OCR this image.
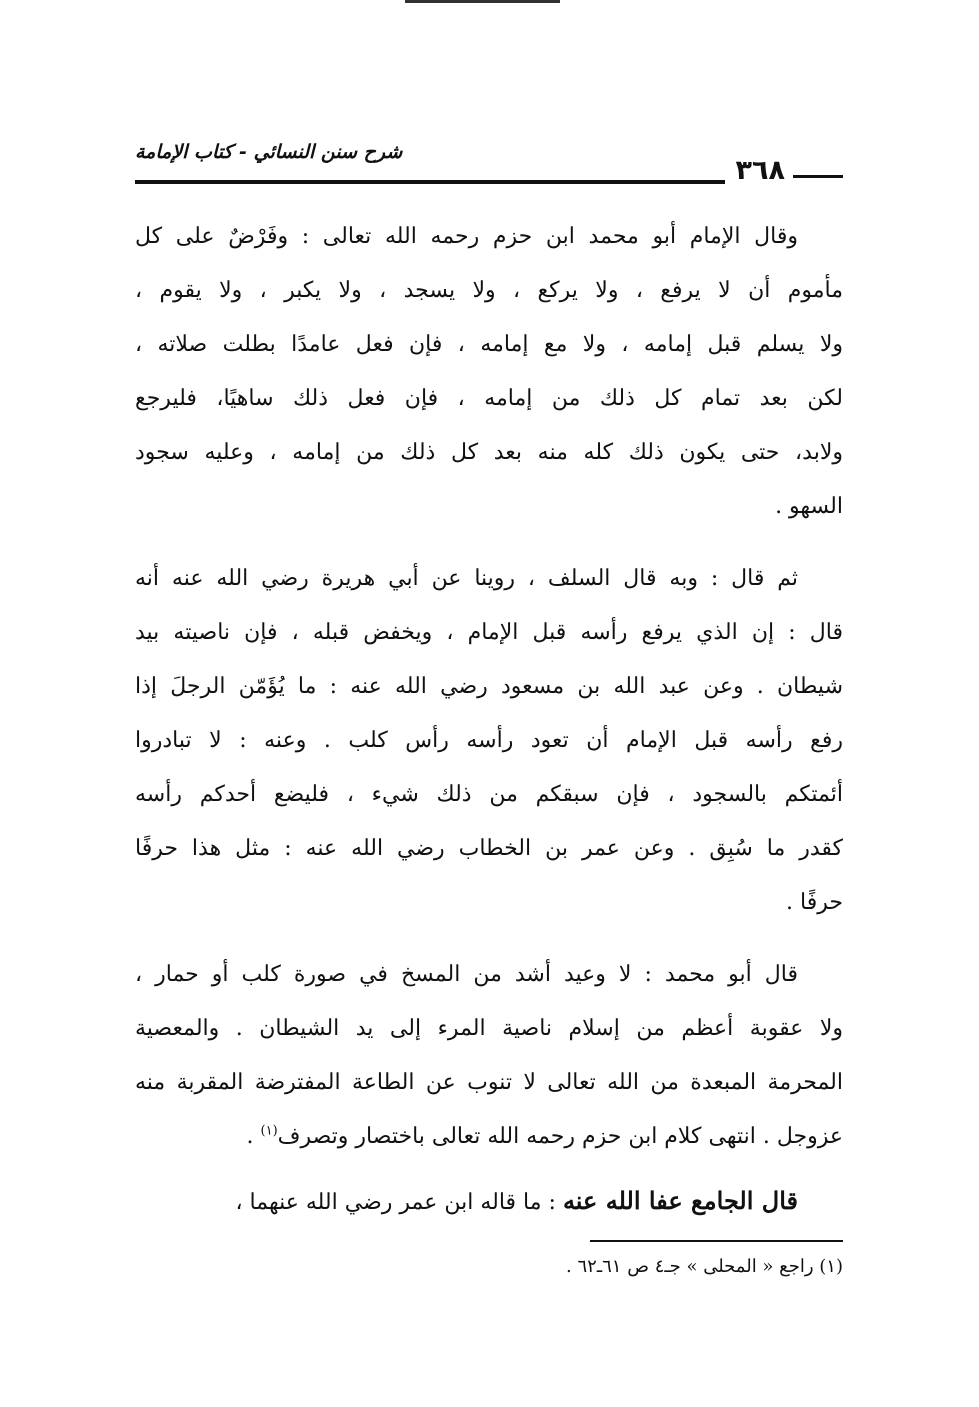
٣٦٨
شرح سنن النسائي - كتاب الإمامة
وقال الإمام أبو محمد ابن حزم رحمه الله تعالى : وفَرْضٌ على كل
مأموم أن لا يرفع ، ولا يركع ، ولا يسجد ، ولا يكبر ، ولا يقوم ،
ولا يسلم قبل إمامه ، ولا مع إمامه ، فإن فعل عامدًا بطلت صلاته ،
لكن بعد تمام كل ذلك من إمامه ، فإن فعل ذلك ساهيًا، فليرجع
ولابد، حتى يكون ذلك كله منه بعد كل ذلك من إمامه ، وعليه سجود
السهو .
ثم قال : وبه قال السلف ، روينا عن أبي هريرة رضي الله عنه أنه
قال : إن الذي يرفع رأسه قبل الإمام ، ويخفض قبله ، فإن ناصيته بيد
شيطان . وعن عبد الله بن مسعود رضي الله عنه : ما يُؤَمّن الرجلَ إذا
رفع رأسه قبل الإمام أن تعود رأسه رأس كلب . وعنه : لا تبادروا
أئمتكم بالسجود ، فإن سبقكم من ذلك شيء ، فليضع أحدكم رأسه
كقدر ما سُبِق . وعن عمر بن الخطاب رضي الله عنه : مثل هذا حرفًا
حرفًا .
قال أبو محمد : لا وعيد أشد من المسخ في صورة كلب أو حمار ،
ولا عقوبة أعظم من إسلام ناصية المرء إلى يد الشيطان . والمعصية
المحرمة المبعدة من الله تعالى لا تنوب عن الطاعة المفترضة المقربة منه
عزوجل . انتهى كلام ابن حزم رحمه الله تعالى باختصار وتصرف$^{(١)}$ .
قال الجامع عفا الله عنه : ما قاله ابن عمر رضي الله عنهما ،
(١) راجع « المحلى » جـ٤ ص ٦١ـ٦٢ .
